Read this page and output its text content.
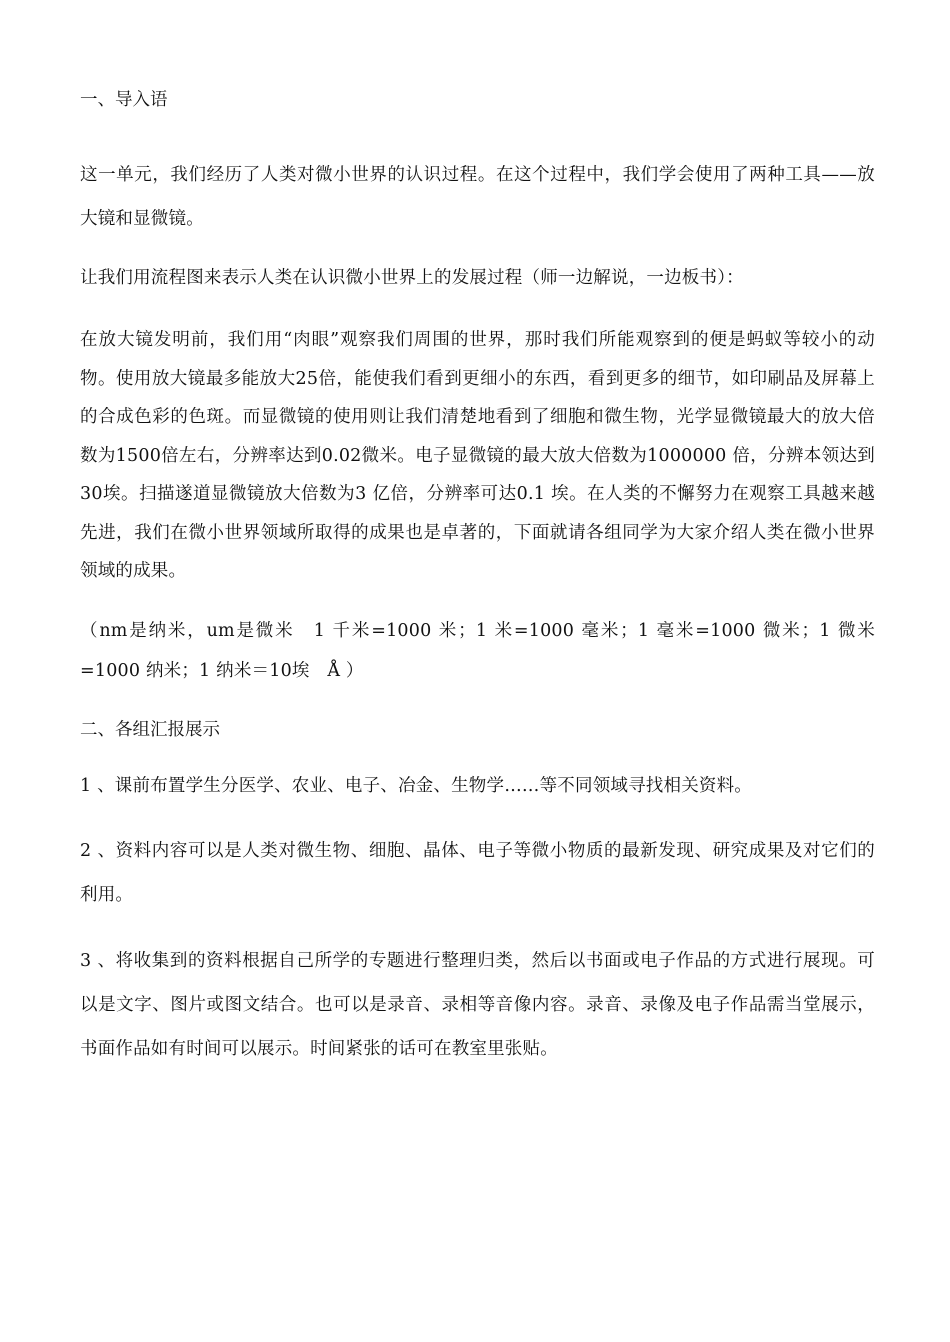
一、导入语

这一单元，我们经历了人类对微小世界的认识过程。在这个过程中，我们学会使用了两种工具——放大镜和显微镜。

让我们用流程图来表示人类在认识微小世界上的发展过程（师一边解说，一边板书）：

在放大镜发明前，我们用“肉眼”观察我们周围的世界，那时我们所能观察到的便是蚂蚁等较小的动物。使用放大镜最多能放大25倍，能使我们看到更细小的东西，看到更多的细节，如印刷品及屏幕上的合成色彩的色斑。而显微镜的使用则让我们清楚地看到了细胞和微生物，光学显微镜最大的放大倍数为1500倍左右，分辨率达到0.02微米。电子显微镜的最大放大倍数为1000000 倍，分辨本领达到30埃。扫描遂道显微镜放大倍数为3 亿倍，分辨率可达0.1 埃。在人类的不懈努力在观察工具越来越先进，我们在微小世界领域所取得的成果也是卓著的，下面就请各组同学为大家介绍人类在微小世界领域的成果。

（nm是纳米，um是微米　1 千米=1000 米；1 米=1000 毫米；1 毫米=1000 微米；1 微米=1000 纳米；1 纳米＝10埃　Å ）

二、各组汇报展示

1 、课前布置学生分医学、农业、电子、冶金、生物学……等不同领域寻找相关资料。

2 、资料内容可以是人类对微生物、细胞、晶体、电子等微小物质的最新发现、研究成果及对它们的利用。

3 、将收集到的资料根据自己所学的专题进行整理归类，然后以书面或电子作品的方式进行展现。可以是文字、图片或图文结合。也可以是录音、录相等音像内容。录音、录像及电子作品需当堂展示，书面作品如有时间可以展示。时间紧张的话可在教室里张贴。
